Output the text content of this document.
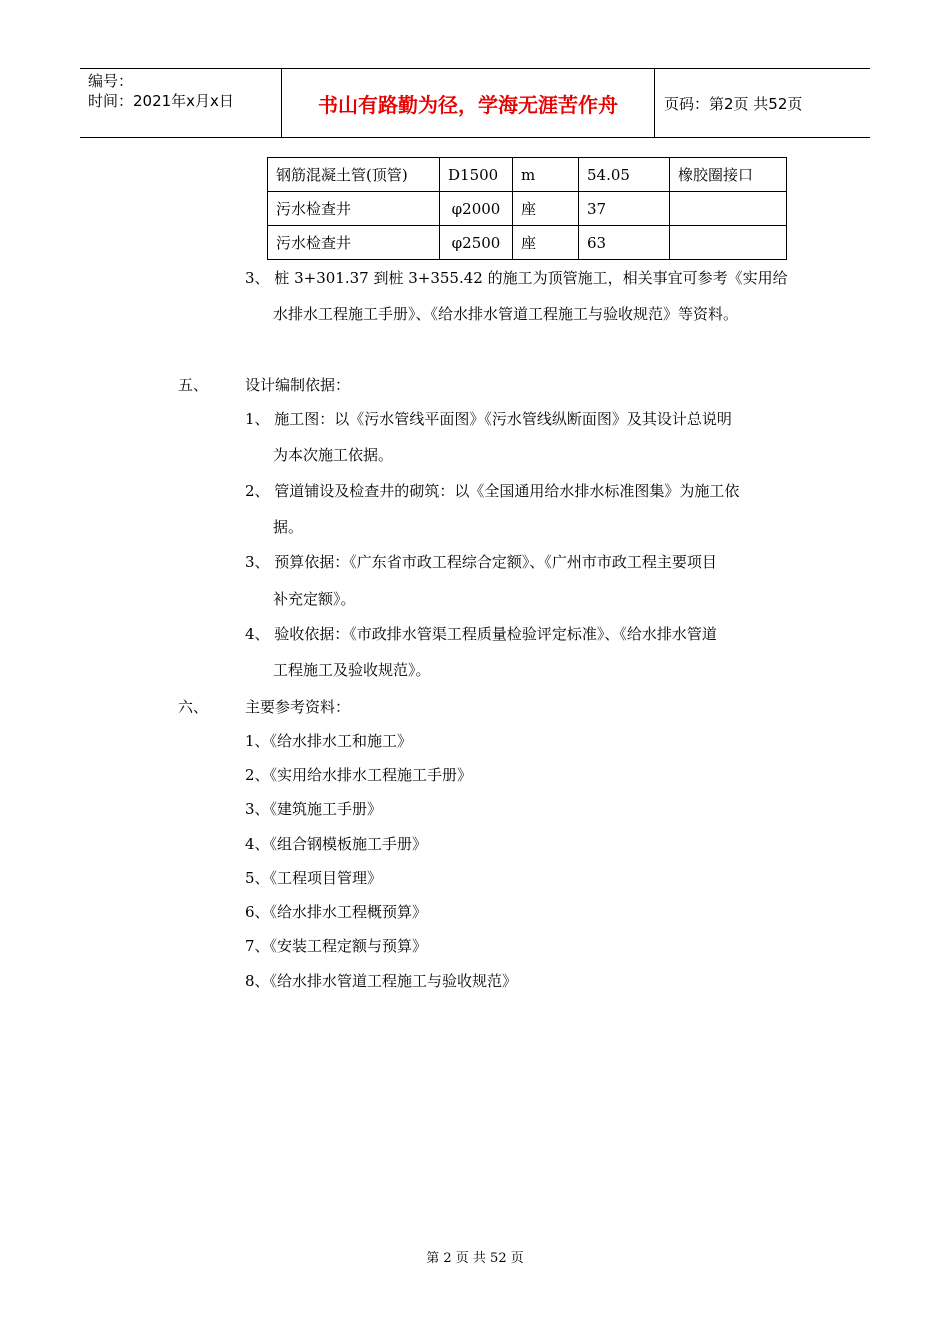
编号：
时间：2021年x月x日	书山有路勤为径，学海无涯苦作舟	页码：第2页 共52页
钢筋混凝土管(顶管)	D1500	m	54.05	橡胶圈接口
污水检查井	φ2000	座	37	
污水检查井	φ2500	座	63	
3、 桩 3+301.37 到桩 3+355.42 的施工为顶管施工，相关事宜可参考《实用给
水排水工程施工手册》、《给水排水管道工程施工与验收规范》等资料。
五、 设计编制依据：
1、 施工图：以《污水管线平面图》《污水管线纵断面图》及其设计总说明
为本次施工依据。
2、 管道铺设及检查井的砌筑：以《全国通用给水排水标准图集》为施工依
据。
3、 预算依据：《广东省市政工程综合定额》、《广州市市政工程主要项目
补充定额》。
4、 验收依据：《市政排水管渠工程质量检验评定标准》、《给水排水管道
工程施工及验收规范》。
六、 主要参考资料：
1、《给水排水工和施工》
2、《实用给水排水工程施工手册》
3、《建筑施工手册》
4、《组合钢模板施工手册》
5、《工程项目管理》
6、《给水排水工程概预算》
7、《安装工程定额与预算》
8、《给水排水管道工程施工与验收规范》
第 2 页 共 52 页
